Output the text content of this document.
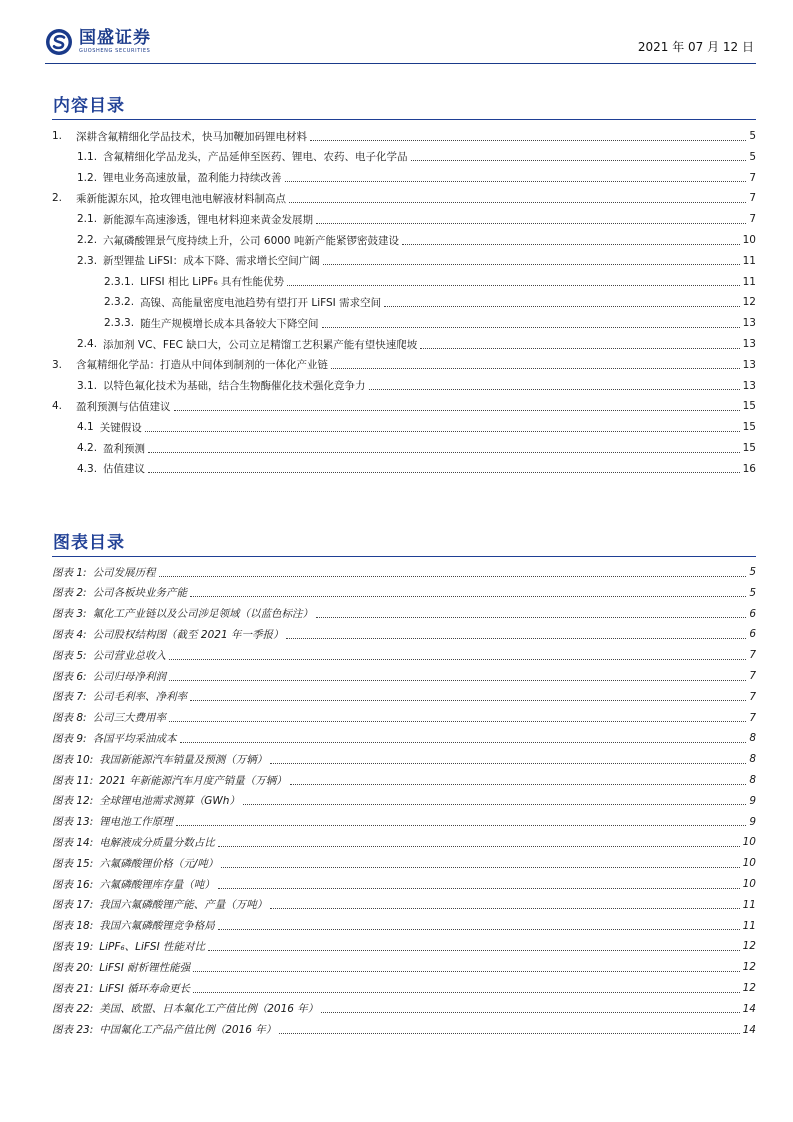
国盛证券
GUOSHENG SECURITIES	2021 年 07 月 12 日
内容目录
1. 深耕含氟精细化学品技术，快马加鞭加码锂电材料	5
1.1. 含氟精细化学品龙头，产品延伸至医药、锂电、农药、电子化学品	5
1.2. 锂电业务高速放量，盈利能力持续改善	7
2. 乘新能源东风，抢攻锂电池电解液材料制高点	7
2.1. 新能源车高速渗透，锂电材料迎来黄金发展期	7
2.2. 六氟磷酸锂景气度持续上升，公司 6000 吨新产能紧锣密鼓建设	10
2.3. 新型锂盐 LiFSI：成本下降、需求增长空间广阔	11
2.3.1. LIFSI 相比 LiPF₆ 具有性能优势	11
2.3.2. 高镍、高能量密度电池趋势有望打开 LiFSI 需求空间	12
2.3.3. 随生产规模增长成本具备较大下降空间	13
2.4. 添加剂 VC、FEC 缺口大，公司立足精馏工艺积累产能有望快速爬坡	13
3. 含氟精细化学品：打造从中间体到制剂的一体化产业链	13
3.1. 以特色氟化技术为基础，结合生物酶催化技术强化竞争力	13
4. 盈利预测与估值建议	15
4.1 关键假设	15
4.2. 盈利预测	15
4.3. 估值建议	16
图表目录
图表 1: 公司发展历程	5
图表 2: 公司各板块业务产能	5
图表 3: 氟化工产业链以及公司涉足领域（以蓝色标注）	6
图表 4: 公司股权结构图（截至 2021 年一季报）	6
图表 5: 公司营业总收入	7
图表 6: 公司归母净利润	7
图表 7: 公司毛利率、净利率	7
图表 8: 公司三大费用率	7
图表 9: 各国平均采油成本	8
图表 10: 我国新能源汽车销量及预测（万辆）	8
图表 11: 2021 年新能源汽车月度产销量（万辆）	8
图表 12: 全球锂电池需求测算（GWh）	9
图表 13: 锂电池工作原理	9
图表 14: 电解液成分质量分数占比	10
图表 15: 六氟磷酸锂价格（元/吨）	10
图表 16: 六氟磷酸锂库存量（吨）	10
图表 17: 我国六氟磷酸锂产能、产量（万吨）	11
图表 18: 我国六氟磷酸锂竞争格局	11
图表 19: LiPF₆、LiFSI 性能对比	12
图表 20: LiFSI 耐析锂性能强	12
图表 21: LiFSI 循环寿命更长	12
图表 22: 美国、欧盟、日本氟化工产值比例（2016 年）	14
图表 23: 中国氟化工产品产值比例（2016 年）	14
